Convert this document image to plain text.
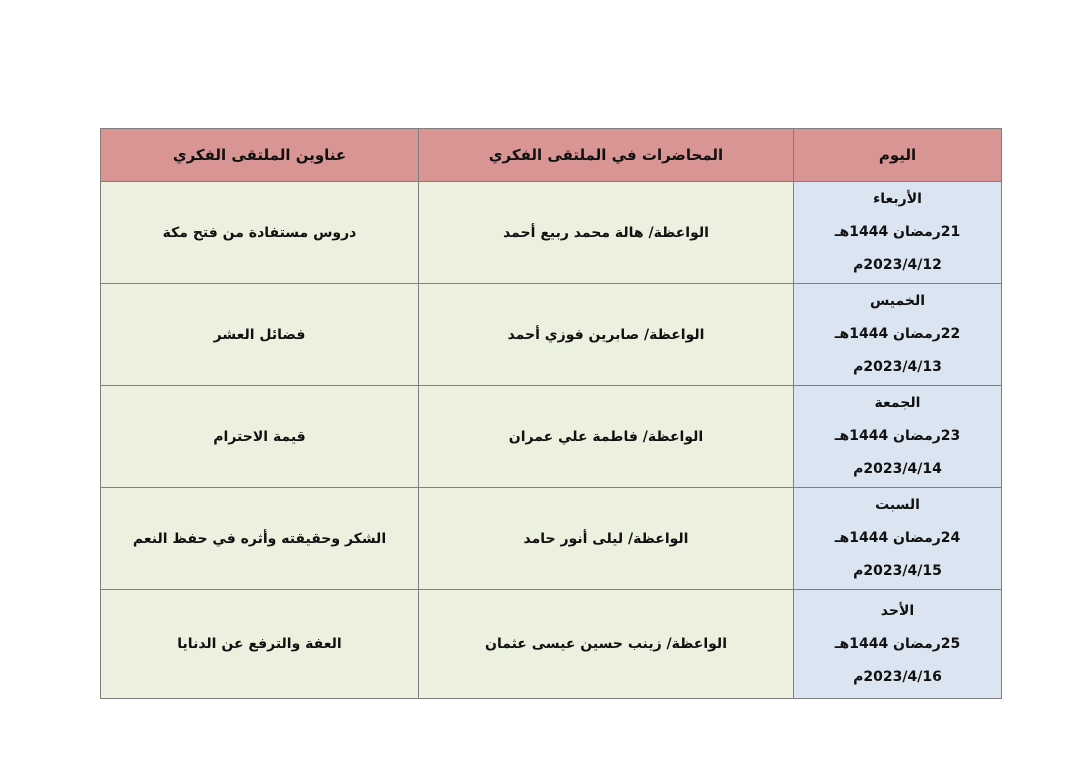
اليوم	المحاضرات في الملتقى الفكري	عناوين الملتقى الفكري

الأربعاء
21رمضان 1444هـ
2023/4/12م	الواعظة/ هالة محمد ربيع أحمد	دروس مستفادة من فتح مكة

الخميس
22رمضان 1444هـ
2023/4/13م	الواعظة/ صابرين فوزي أحمد	فضائل العشر

الجمعة
23رمضان 1444هـ
2023/4/14م	الواعظة/ فاطمة علي عمران	قيمة الاحترام

السبت
24رمضان 1444هـ
2023/4/15م	الواعظة/ ليلى أنور حامد	الشكر وحقيقته وأثره في حفظ النعم

الأحد
25رمضان 1444هـ
2023/4/16م	الواعظة/ زينب حسين عيسى عثمان	العفة والترفع عن الدنايا
